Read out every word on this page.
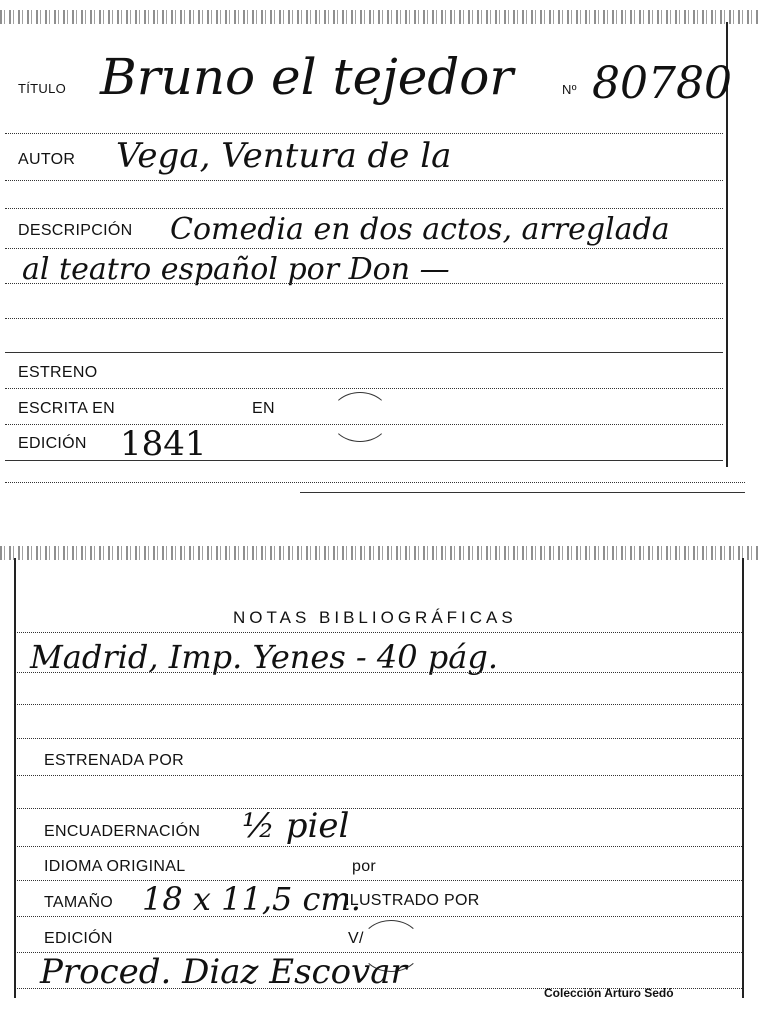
TÍTULO Bruno el tejedor	Nº 80780
AUTOR Vega, Ventura de la
DESCRIPCIÓN Comedia en dos actos, arreglada
al teatro español por Don —
ESTRENO
ESCRITA EN	EN
EDICIÓN 1841
NOTAS BIBLIOGRÁFICAS
Madrid, Imp. Yenes - 40 pág.
ESTRENADA POR
ENCUADERNACIÓN ½ piel
IDIOMA ORIGINAL	por
TAMAÑO 18 x 11,5 cm.
ILUSTRADO POR
EDICIÓN	V/
Proced. Diaz Escovar
Colección Arturo Sedó
